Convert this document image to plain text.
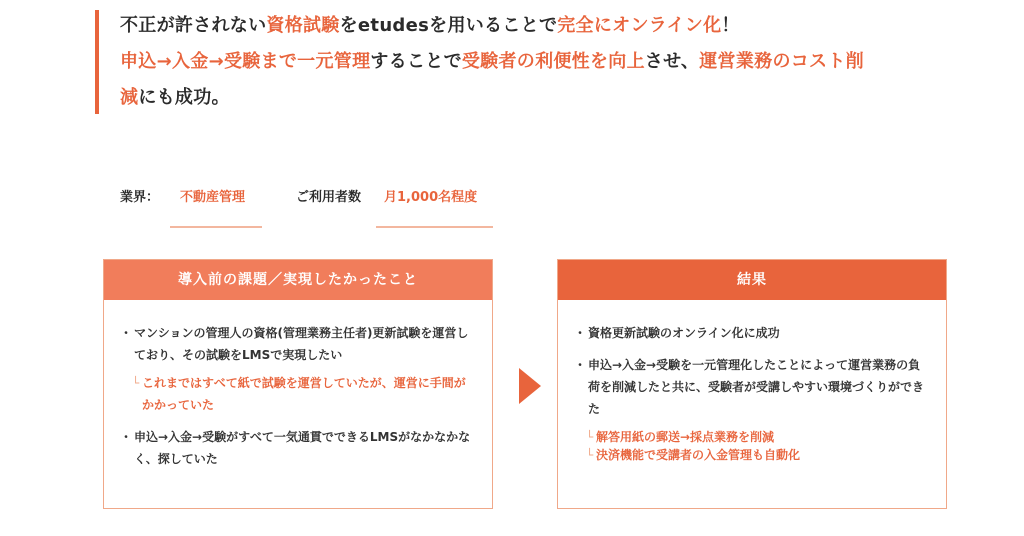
不正が許されない資格試験をetudesを用いることで完全にオンライン化！
申込→入金→受験まで一元管理することで受験者の利便性を向上させ、運営業務のコスト削
減にも成功。
業界： 不動産管理	ご利用者数 月1,000名程度
導入前の課題／実現したかったこと
・ マンションの管理人の資格(管理業務主任者)更新試験を運営しており、その試験をLMSで実現したい
└ これまではすべて紙で試験を運営していたが、運営に手間がかかっていた
・ 申込→入金→受験がすべて一気通貫でできるLMSがなかなかなく、探していた
結果
・ 資格更新試験のオンライン化に成功
・ 申込→入金→受験を一元管理化したことによって運営業務の負荷を削減したと共に、受験者が受講しやすい環境づくりができた
└ 解答用紙の郵送→採点業務を削減
└ 決済機能で受講者の入金管理も自動化
